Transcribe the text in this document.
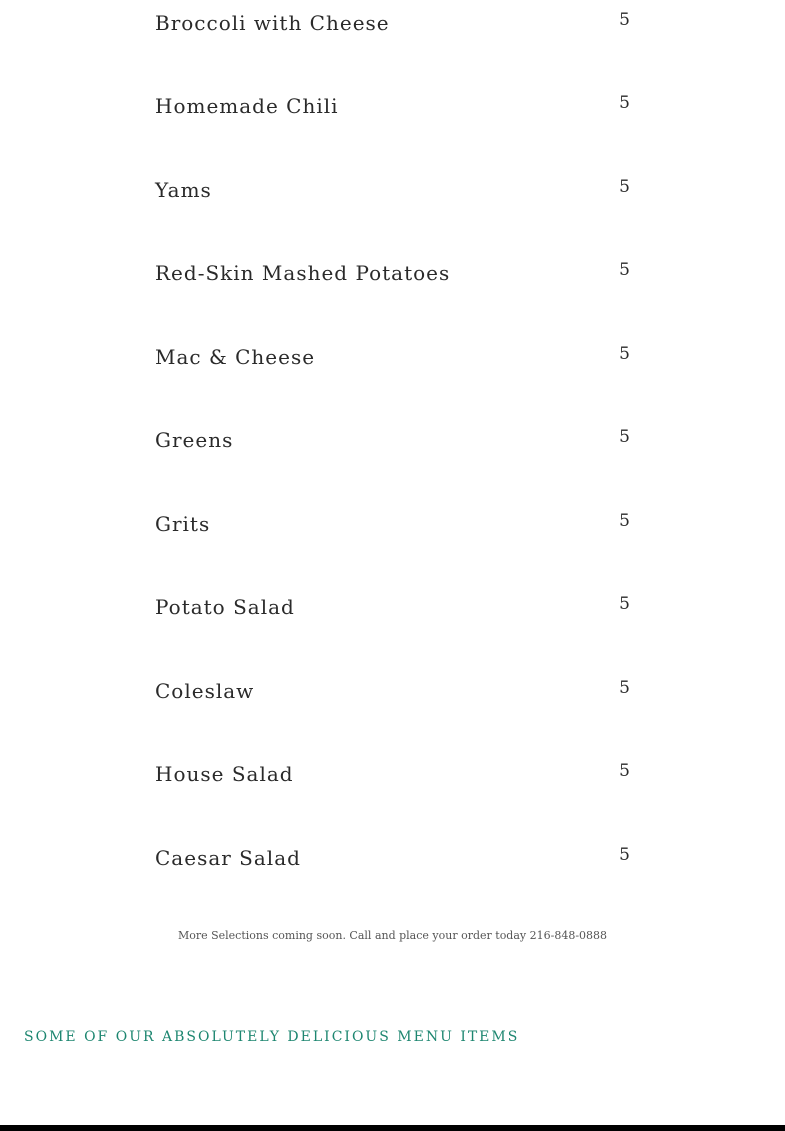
Broccoli with Cheese	5
Homemade Chili	5
Yams	5
Red-Skin Mashed Potatoes	5
Mac & Cheese	5
Greens	5
Grits	5
Potato Salad	5
Coleslaw	5
House Salad	5
Caesar Salad	5
More Selections coming soon. Call and place your order today 216-848-0888
SOME OF OUR ABSOLUTELY DELICIOUS MENU ITEMS
